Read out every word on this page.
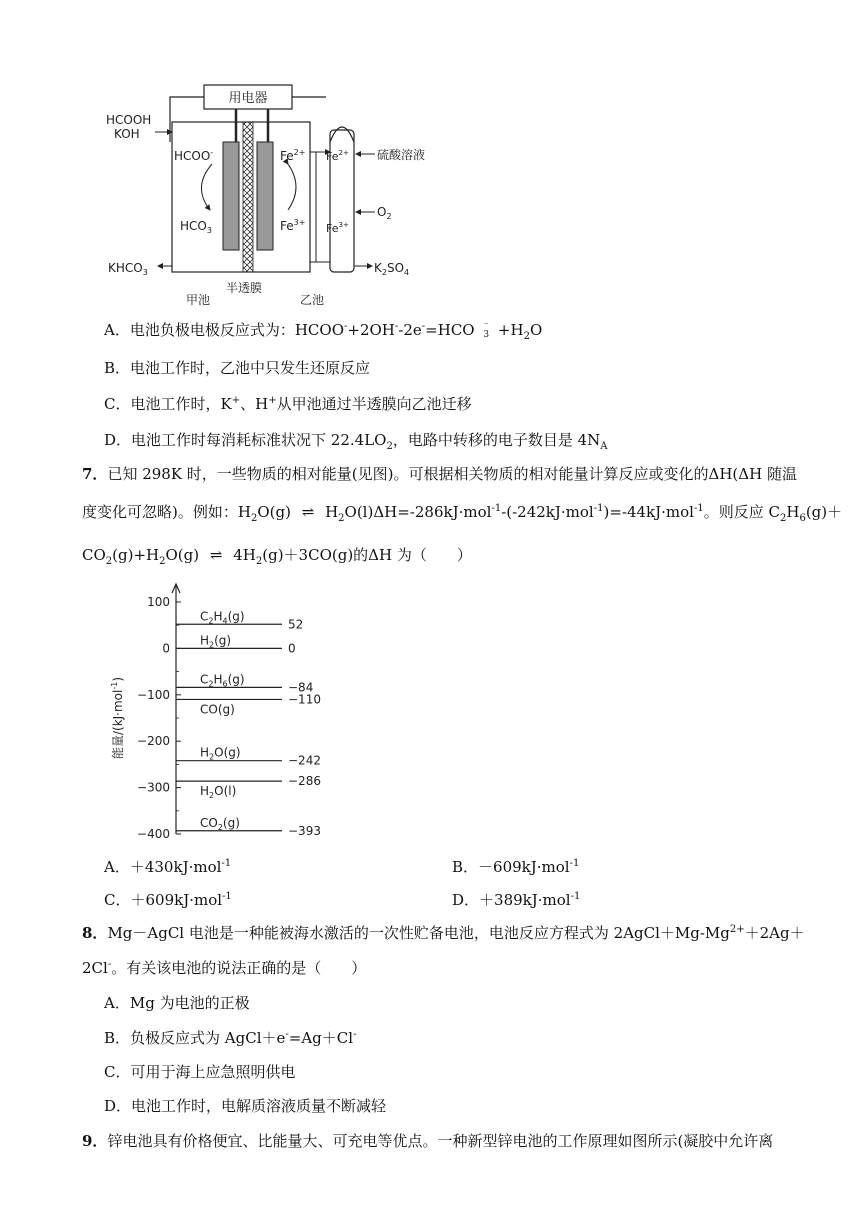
用电器
HCOOH
KOH
HCOO-
$HCO_3$
$KHCO_3$
$Fe^{2+}$
$Fe^{3+}$
$Fe^{2+}$
$Fe^{3+}$
硫酸溶液
$O_2$
$K_2SO_4$
甲池
半透膜
乙池
A．电池负极电极反应式为：HCOO-+2OH--2e-=HCO ⁻
$3 +H_2O$
B．电池工作时，乙池中只发生还原反应
C．电池工作时，K+、H+从甲池通过半透膜向乙池迁移
D．电池工作时每消耗标准状况下 $22.4LO_2$，电路中转移的电子数目是 $4N_A$
7．已知 298K 时，一些物质的相对能量(见图)。可根据相关物质的相对能量计算反应或变化的ΔH(ΔH 随温
度变化可忽略)。例如：$H_2O(g)$ ⇌ $H_2O(l)\Delta H=-286kJ\cdot mol^{-1}-(-242kJ\cdot mol^{-1})=-44kJ\cdot mol^{-1}$。则反应 $C_2H_6(g)+$
$CO_2(g)+H_2O(g)$ ⇌ $4H_2(g)+3CO(g)$的ΔH 为（　　）
100
0
−100
−200
−300
−400
能量/(kJ·mol$^{-1}$)
52
$C_2H_4(g)$
0
$H_2(g)$
−84
$C_2H_6(g)$
−110
CO(g)
−242
$H_2O(g)$
−286
$H_2O(l)$
−393
$CO_2(g)$
A．＋430kJ·mol$^{-1}$	B．－609kJ·mol$^{-1}$
C．＋609kJ·mol$^{-1}$	D．＋389kJ·mol$^{-1}$
8．Mg－AgCl 电池是一种能被海水激活的一次性贮备电池，电池反应方程式为 $2AgCl+Mg-Mg^{2+}+2Ag+$
2Cl-。有关该电池的说法正确的是（　　）
A．Mg 为电池的正极
B．负极反应式为 AgCl＋e-=Ag＋Cl-
C．可用于海上应急照明供电
D．电池工作时，电解质溶液质量不断减轻
9．锌电池具有价格便宜、比能量大、可充电等优点。一种新型锌电池的工作原理如图所示(凝胶中允许离
